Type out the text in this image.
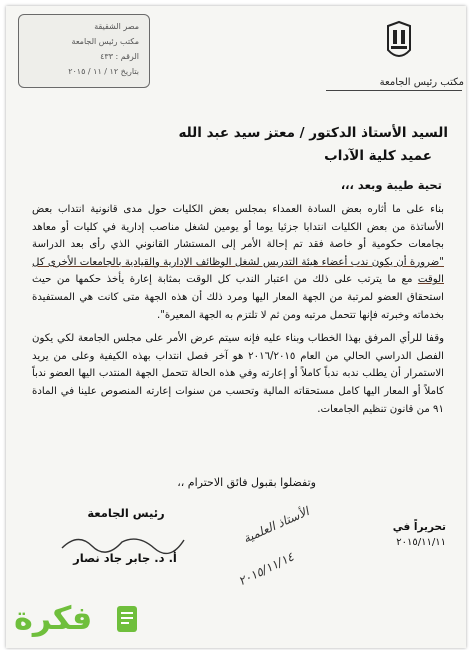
مصر الشقيقة
مكتب رئيس الجامعة
الرقم : ٤٣٣
بتاريخ ١٢ / ١١ / ٢٠١٥
مكتب رئيس الجامعة
السيد الأستاذ الدكتور / معتز سيد عبد الله
عميد كلية الآداب
تحية طيبة وبعد ،،،

بناء على ما أثاره بعض السادة العمداء بمجلس بعض الكليات حول مدى قانونية انتداب بعض الأساتذة من بعض الكليات انتدابا جزئيا يوما أو يومين لشغل مناصب إدارية في كليات أو معاهد بجامعات حكومية أو خاصة فقد تم إحالة الأمر إلى المستشار القانوني الذي رأى بعد الدراسة "ضرورة أن يكون ندب أعضاء هيئة التدريس لشغل الوظائف الإدارية والقيادية بالجامعات الأخرى كل الوقت مع ما يترتب على ذلك من اعتبار الندب كل الوقت بمثابة إعارة يأخذ حكمها من حيث استحقاق العضو لمرتبة من الجهة المعار اليها ومرد ذلك أن هذه الجهة متى كانت هي المستفيدة بخدماته وخبرته فإنها تتحمل مرتبه ومن ثم لا تلتزم به الجهة المعيرة".

وقفا للرأي المرفق بهذا الخطاب وبناء عليه فإنه سيتم عرض الأمر على مجلس الجامعة لكي يكون الفصل الدراسي الحالي من العام ٢٠١٦/٢٠١٥ هو آخر فصل انتداب بهذه الكيفية وعلى من يريد الاستمرار أن يطلب ندبه ندباً كاملاً أو إعارته وفي هذه الحالة تتحمل الجهة المنتدب اليها العضو ندباً كاملاً أو المعار اليها كامل مستحقاته المالية وتحسب من سنوات إعارته المنصوص علينا في المادة ٩١ من قانون تنظيم الجامعات.

وتفضلوا بقبول فائق الاحترام ،،
رئيس الجامعة
أ. د. جابر جاد نصار
الأستاذ العلمية
٢٠١٥/١١/١٤
تحريراً في
٢٠١٥/١١/١١
فكرة
